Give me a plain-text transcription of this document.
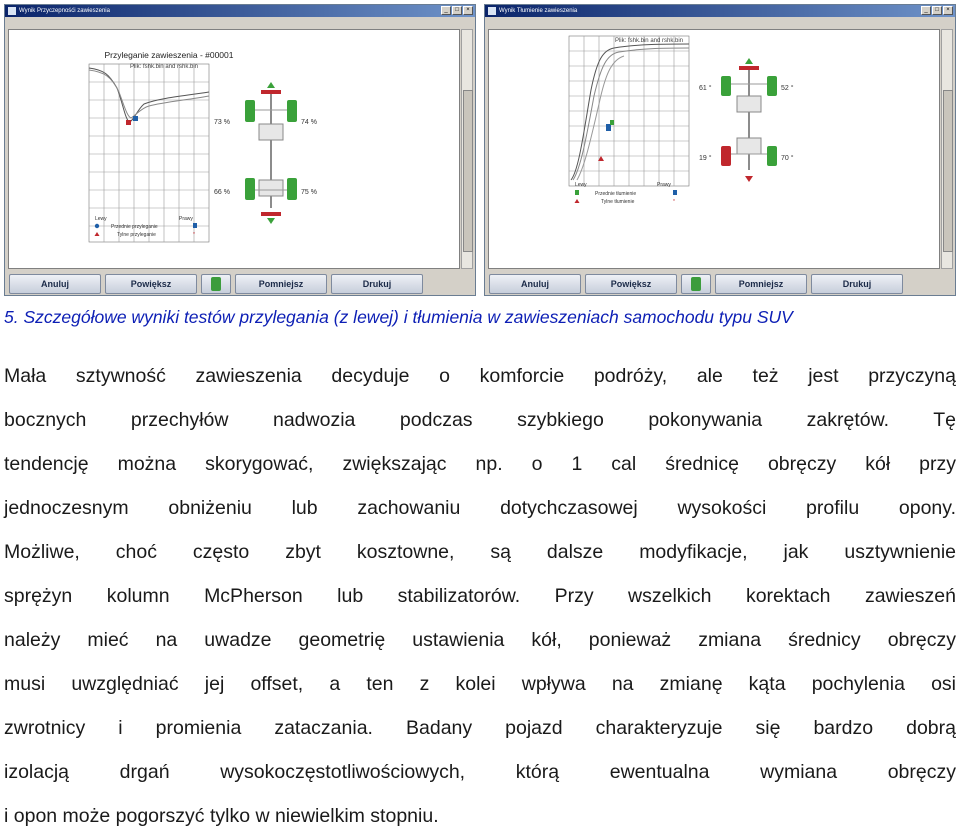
Wynik Przyczepnośći zawieszenia	_	□	×
Przyleganie zawieszenia - #00001
Plik: fshk.bin and rshk.bin
73 %	74 %
66 %	75 %
Lewy	Prawy
Przednie przyleganie
Tylne przyleganie	*
Anuluj	Powiększ	Pomniejsz	Drukuj
Wynik Tłumienie zawieszenia	_	□	×
Plik: fshk.bin and rshk.bin
61 °	52 °
19 °	70 °
Lewy	Prawy
Przednie tłumienie
Tylne tłumienie	*
Anuluj	Powiększ	Pomniejsz	Drukuj
5. Szczegółowe wyniki testów przylegania (z lewej) i tłumienia w zawieszeniach samochodu typu SUV
Mała sztywność zawieszenia decyduje o komforcie podróży, ale też jest przyczyną
bocznych przechyłów nadwozia podczas szybkiego pokonywania zakrętów. Tę
tendencję można skorygować, zwiększając np. o 1 cal średnicę obręczy kół przy
jednoczesnym obniżeniu lub zachowaniu dotychczasowej wysokości profilu opony.
Możliwe, choć często zbyt kosztowne, są dalsze modyfikacje, jak usztywnienie
sprężyn kolumn McPherson lub stabilizatorów. Przy wszelkich korektach zawieszeń
należy mieć na uwadze geometrię ustawienia kół, ponieważ zmiana średnicy obręczy
musi uwzględniać jej offset, a ten z kolei wpływa na zmianę kąta pochylenia osi
zwrotnicy i promienia zataczania. Badany pojazd charakteryzuje się bardzo dobrą
izolacją drgań wysokoczęstotliwościowych, którą ewentualna wymiana obręczy
i opon może pogorszyć tylko w niewielkim stopniu.
